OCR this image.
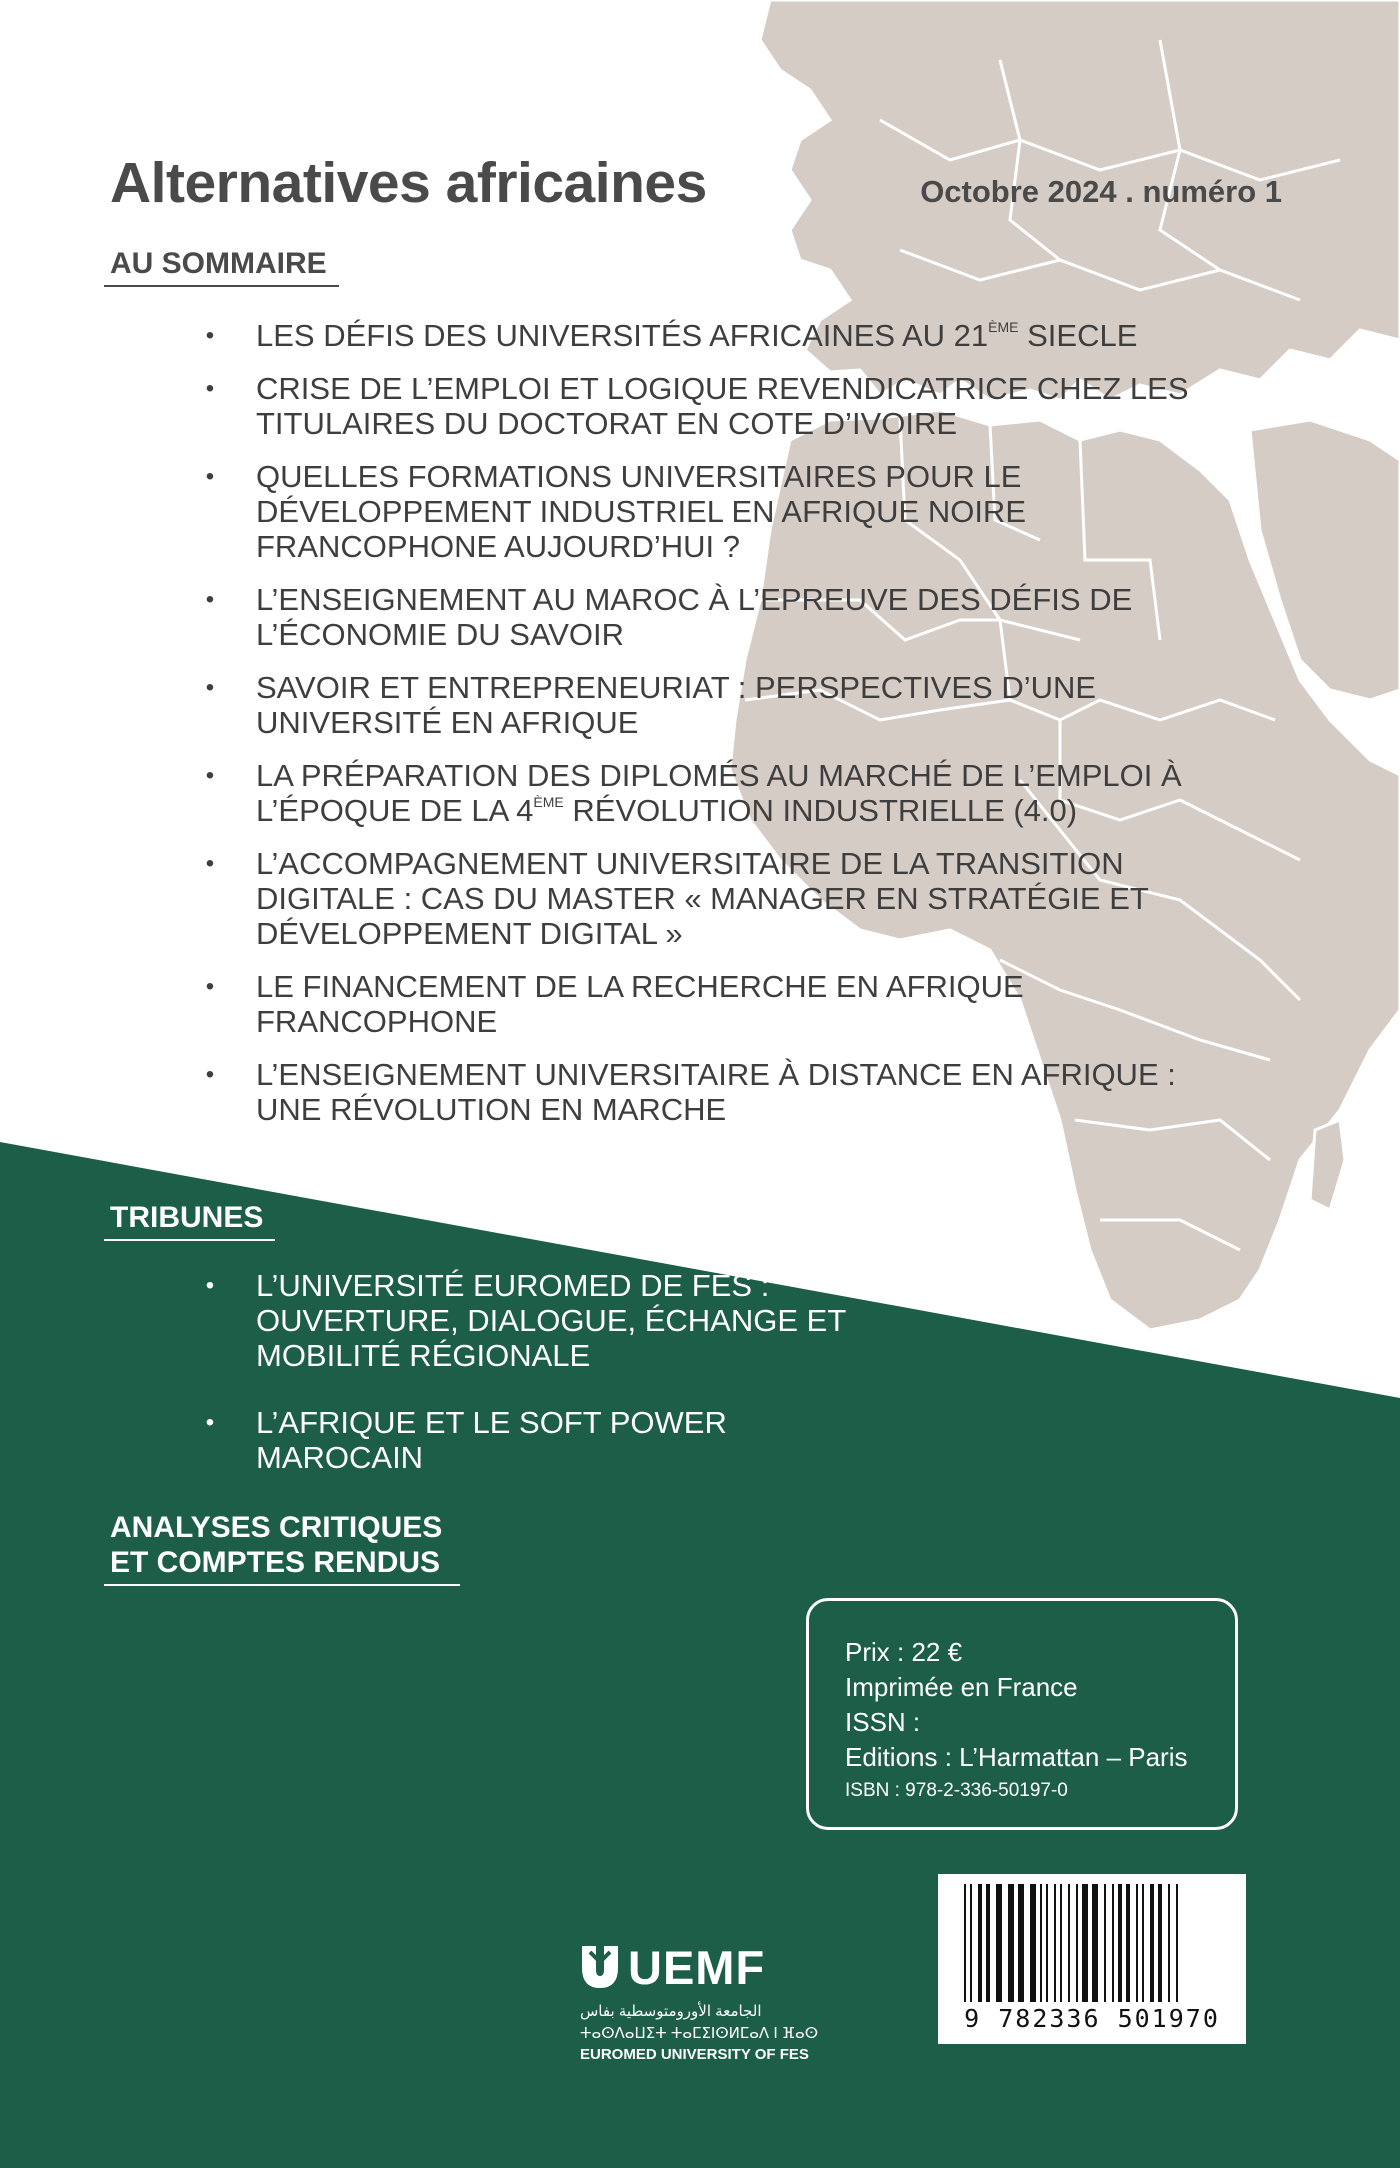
Alternatives africaines	Octobre 2024 . numéro 1
AU SOMMAIRE
• LES DÉFIS DES UNIVERSITÉS AFRICAINES AU 21ÈME SIECLE
• CRISE DE L’EMPLOI ET LOGIQUE REVENDICATRICE CHEZ LES
TITULAIRES DU DOCTORAT EN COTE D’IVOIRE
• QUELLES FORMATIONS UNIVERSITAIRES POUR LE
DÉVELOPPEMENT INDUSTRIEL EN AFRIQUE NOIRE
FRANCOPHONE AUJOURD’HUI ?
• L’ENSEIGNEMENT AU MAROC À L’EPREUVE DES DÉFIS DE
L’ÉCONOMIE DU SAVOIR
• SAVOIR ET ENTREPRENEURIAT : PERSPECTIVES D’UNE
UNIVERSITÉ EN AFRIQUE
• LA PRÉPARATION DES DIPLOMÉS AU MARCHÉ DE L’EMPLOI À
L’ÉPOQUE DE LA 4ÈME RÉVOLUTION INDUSTRIELLE (4.0)
• L’ACCOMPAGNEMENT UNIVERSITAIRE DE LA TRANSITION
DIGITALE : CAS DU MASTER « MANAGER EN STRATÉGIE ET
DÉVELOPPEMENT DIGITAL »
• LE FINANCEMENT DE LA RECHERCHE EN AFRIQUE
FRANCOPHONE
• L’ENSEIGNEMENT UNIVERSITAIRE À DISTANCE EN AFRIQUE :
UNE RÉVOLUTION EN MARCHE
TRIBUNES
• L’UNIVERSITÉ EUROMED DE FES :
OUVERTURE, DIALOGUE, ÉCHANGE ET
MOBILITÉ RÉGIONALE
• L’AFRIQUE ET LE SOFT POWER
MAROCAIN
ANALYSES CRITIQUES
ET COMPTES RENDUS
Prix : 22 €
Imprimée en France
ISSN :
Editions : L’Harmattan – Paris
ISBN : 978-2-336-50197-0
9 782336 501970
UEMF
الجامعة الأورومتوسطية بفاس
ⵜⴰⵙⴷⴰⵡⵉⵜ ⵜⴰⵎⵉⵏⵙⵍⵎⴰⴷ ⵏ ⴼⴰⵙ
EUROMED UNIVERSITY OF FES
